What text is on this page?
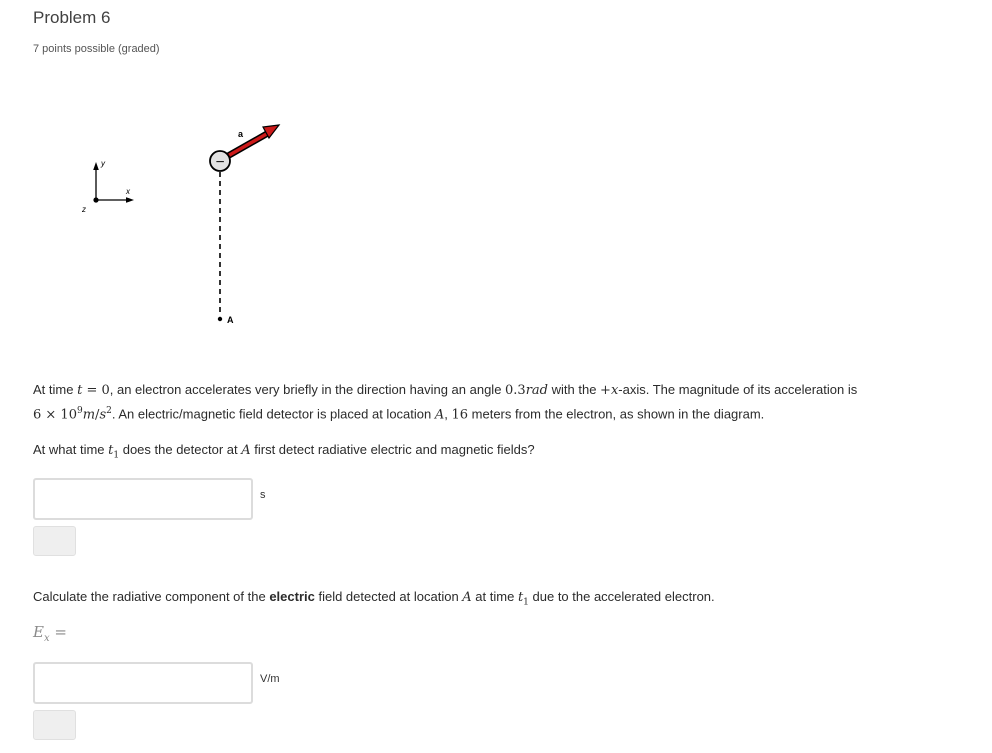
Problem 6
7 points possible (graded)
y
x
z
A
a
−
At time t = 0, an electron accelerates very briefly in the direction having an angle 0.3rad with the +x-axis. The magnitude of its acceleration is
$6 \times 10^9m/s^2$. An electric/magnetic field detector is placed at location A, 16 meters from the electron, as shown in the diagram.
At what time $t_1$ does the detector at A first detect radiative electric and magnetic fields?
s
Calculate the radiative component of the electric field detected at location A at time $t_1$ due to the accelerated electron.
$E_x$ =
V/m
